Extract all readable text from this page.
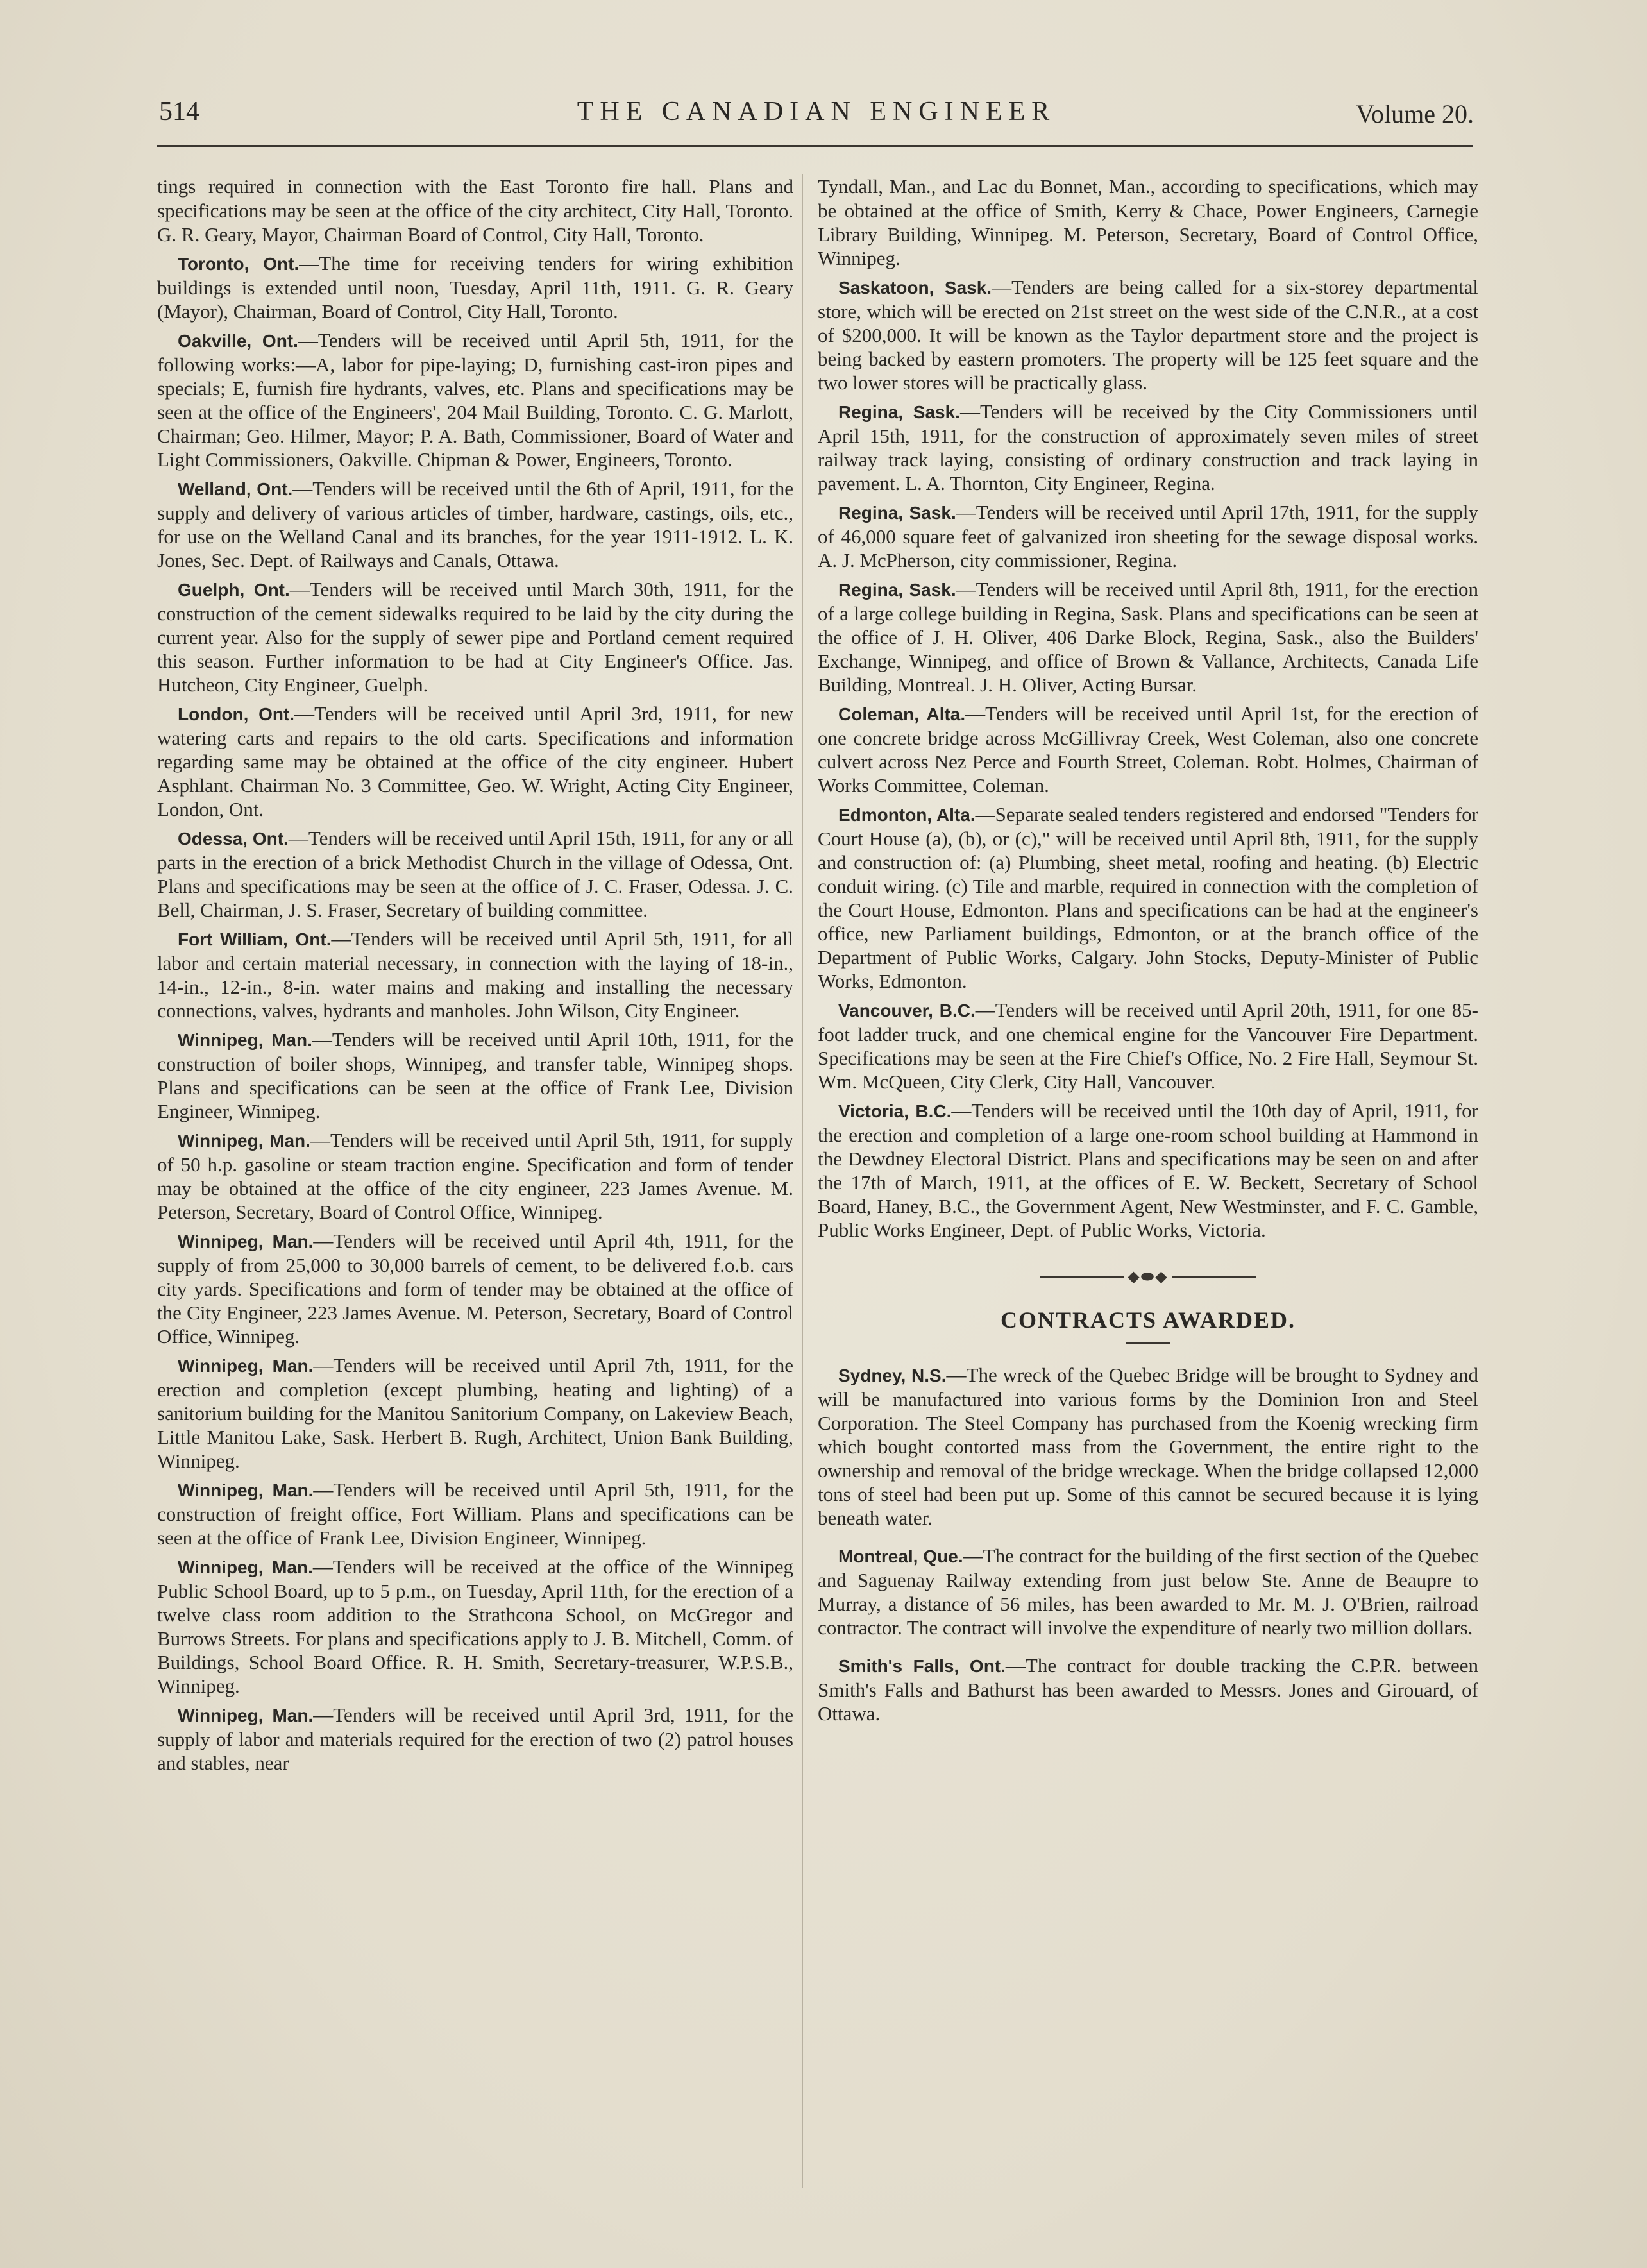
514	THE CANADIAN ENGINEER	Volume 20.

tings required in connection with the East Toronto fire hall. Plans and specifications may be seen at the office of the city architect, City Hall, Toronto. G. R. Geary, Mayor, Chairman Board of Control, City Hall, Toronto.

Toronto, Ont.—The time for receiving tenders for wiring exhibition buildings is extended until noon, Tuesday, April 11th, 1911. G. R. Geary (Mayor), Chairman, Board of Control, City Hall, Toronto.

Oakville, Ont.—Tenders will be received until April 5th, 1911, for the following works:—A, labor for pipe-laying; D, furnishing cast-iron pipes and specials; E, furnish fire hydrants, valves, etc. Plans and specifications may be seen at the office of the Engineers', 204 Mail Building, Toronto. C. G. Marlott, Chairman; Geo. Hilmer, Mayor; P. A. Bath, Commissioner, Board of Water and Light Commissioners, Oakville. Chipman & Power, Engineers, Toronto.

Welland, Ont.—Tenders will be received until the 6th of April, 1911, for the supply and delivery of various articles of timber, hardware, castings, oils, etc., for use on the Welland Canal and its branches, for the year 1911-1912. L. K. Jones, Sec. Dept. of Railways and Canals, Ottawa.

Guelph, Ont.—Tenders will be received until March 30th, 1911, for the construction of the cement sidewalks required to be laid by the city during the current year. Also for the supply of sewer pipe and Portland cement required this season. Further information to be had at City Engineer's Office. Jas. Hutcheon, City Engineer, Guelph.

London, Ont.—Tenders will be received until April 3rd, 1911, for new watering carts and repairs to the old carts. Specifications and information regarding same may be obtained at the office of the city engineer. Hubert Asphlant. Chairman No. 3 Committee, Geo. W. Wright, Acting City Engineer, London, Ont.

Odessa, Ont.—Tenders will be received until April 15th, 1911, for any or all parts in the erection of a brick Methodist Church in the village of Odessa, Ont. Plans and specifications may be seen at the office of J. C. Fraser, Odessa. J. C. Bell, Chairman, J. S. Fraser, Secretary of building committee.

Fort William, Ont.—Tenders will be received until April 5th, 1911, for all labor and certain material necessary, in connection with the laying of 18-in., 14-in., 12-in., 8-in. water mains and making and installing the necessary connections, valves, hydrants and manholes. John Wilson, City Engineer.

Winnipeg, Man.—Tenders will be received until April 10th, 1911, for the construction of boiler shops, Winnipeg, and transfer table, Winnipeg shops. Plans and specifications can be seen at the office of Frank Lee, Division Engineer, Winnipeg.

Winnipeg, Man.—Tenders will be received until April 5th, 1911, for supply of 50 h.p. gasoline or steam traction engine. Specification and form of tender may be obtained at the office of the city engineer, 223 James Avenue. M. Peterson, Secretary, Board of Control Office, Winnipeg.

Winnipeg, Man.—Tenders will be received until April 4th, 1911, for the supply of from 25,000 to 30,000 barrels of cement, to be delivered f.o.b. cars city yards. Specifications and form of tender may be obtained at the office of the City Engineer, 223 James Avenue. M. Peterson, Secretary, Board of Control Office, Winnipeg.

Winnipeg, Man.—Tenders will be received until April 7th, 1911, for the erection and completion (except plumbing, heating and lighting) of a sanitorium building for the Manitou Sanitorium Company, on Lakeview Beach, Little Manitou Lake, Sask. Herbert B. Rugh, Architect, Union Bank Building, Winnipeg.

Winnipeg, Man.—Tenders will be received until April 5th, 1911, for the construction of freight office, Fort William. Plans and specifications can be seen at the office of Frank Lee, Division Engineer, Winnipeg.

Winnipeg, Man.—Tenders will be received at the office of the Winnipeg Public School Board, up to 5 p.m., on Tuesday, April 11th, for the erection of a twelve class room addition to the Strathcona School, on McGregor and Burrows Streets. For plans and specifications apply to J. B. Mitchell, Comm. of Buildings, School Board Office. R. H. Smith, Secretary-treasurer, W.P.S.B., Winnipeg.

Winnipeg, Man.—Tenders will be received until April 3rd, 1911, for the supply of labor and materials required for the erection of two (2) patrol houses and stables, near

Tyndall, Man., and Lac du Bonnet, Man., according to specifications, which may be obtained at the office of Smith, Kerry & Chace, Power Engineers, Carnegie Library Building, Winnipeg. M. Peterson, Secretary, Board of Control Office, Winnipeg.

Saskatoon, Sask.—Tenders are being called for a six-storey departmental store, which will be erected on 21st street on the west side of the C.N.R., at a cost of $200,000. It will be known as the Taylor department store and the project is being backed by eastern promoters. The property will be 125 feet square and the two lower stores will be practically glass.

Regina, Sask.—Tenders will be received by the City Commissioners until April 15th, 1911, for the construction of approximately seven miles of street railway track laying, consisting of ordinary construction and track laying in pavement. L. A. Thornton, City Engineer, Regina.

Regina, Sask.—Tenders will be received until April 17th, 1911, for the supply of 46,000 square feet of galvanized iron sheeting for the sewage disposal works. A. J. McPherson, city commissioner, Regina.

Regina, Sask.—Tenders will be received until April 8th, 1911, for the erection of a large college building in Regina, Sask. Plans and specifications can be seen at the office of J. H. Oliver, 406 Darke Block, Regina, Sask., also the Builders' Exchange, Winnipeg, and office of Brown & Vallance, Architects, Canada Life Building, Montreal. J. H. Oliver, Acting Bursar.

Coleman, Alta.—Tenders will be received until April 1st, for the erection of one concrete bridge across McGillivray Creek, West Coleman, also one concrete culvert across Nez Perce and Fourth Street, Coleman. Robt. Holmes, Chairman of Works Committee, Coleman.

Edmonton, Alta.—Separate sealed tenders registered and endorsed "Tenders for Court House (a), (b), or (c)," will be received until April 8th, 1911, for the supply and construction of: (a) Plumbing, sheet metal, roofing and heating. (b) Electric conduit wiring. (c) Tile and marble, required in connection with the completion of the Court House, Edmonton. Plans and specifications can be had at the engineer's office, new Parliament buildings, Edmonton, or at the branch office of the Department of Public Works, Calgary. John Stocks, Deputy-Minister of Public Works, Edmonton.

Vancouver, B.C.—Tenders will be received until April 20th, 1911, for one 85-foot ladder truck, and one chemical engine for the Vancouver Fire Department. Specifications may be seen at the Fire Chief's Office, No. 2 Fire Hall, Seymour St. Wm. McQueen, City Clerk, City Hall, Vancouver.

Victoria, B.C.—Tenders will be received until the 10th day of April, 1911, for the erection and completion of a large one-room school building at Hammond in the Dewdney Electoral District. Plans and specifications may be seen on and after the 17th of March, 1911, at the offices of E. W. Beckett, Secretary of School Board, Haney, B.C., the Government Agent, New Westminster, and F. C. Gamble, Public Works Engineer, Dept. of Public Works, Victoria.

◆⬬◆
CONTRACTS AWARDED.

Sydney, N.S.—The wreck of the Quebec Bridge will be brought to Sydney and will be manufactured into various forms by the Dominion Iron and Steel Corporation. The Steel Company has purchased from the Koenig wrecking firm which bought contorted mass from the Government, the entire right to the ownership and removal of the bridge wreckage. When the bridge collapsed 12,000 tons of steel had been put up. Some of this cannot be secured because it is lying beneath water.

Montreal, Que.—The contract for the building of the first section of the Quebec and Saguenay Railway extending from just below Ste. Anne de Beaupre to Murray, a distance of 56 miles, has been awarded to Mr. M. J. O'Brien, railroad contractor. The contract will involve the expenditure of nearly two million dollars.

Smith's Falls, Ont.—The contract for double tracking the C.P.R. between Smith's Falls and Bathurst has been awarded to Messrs. Jones and Girouard, of Ottawa.
